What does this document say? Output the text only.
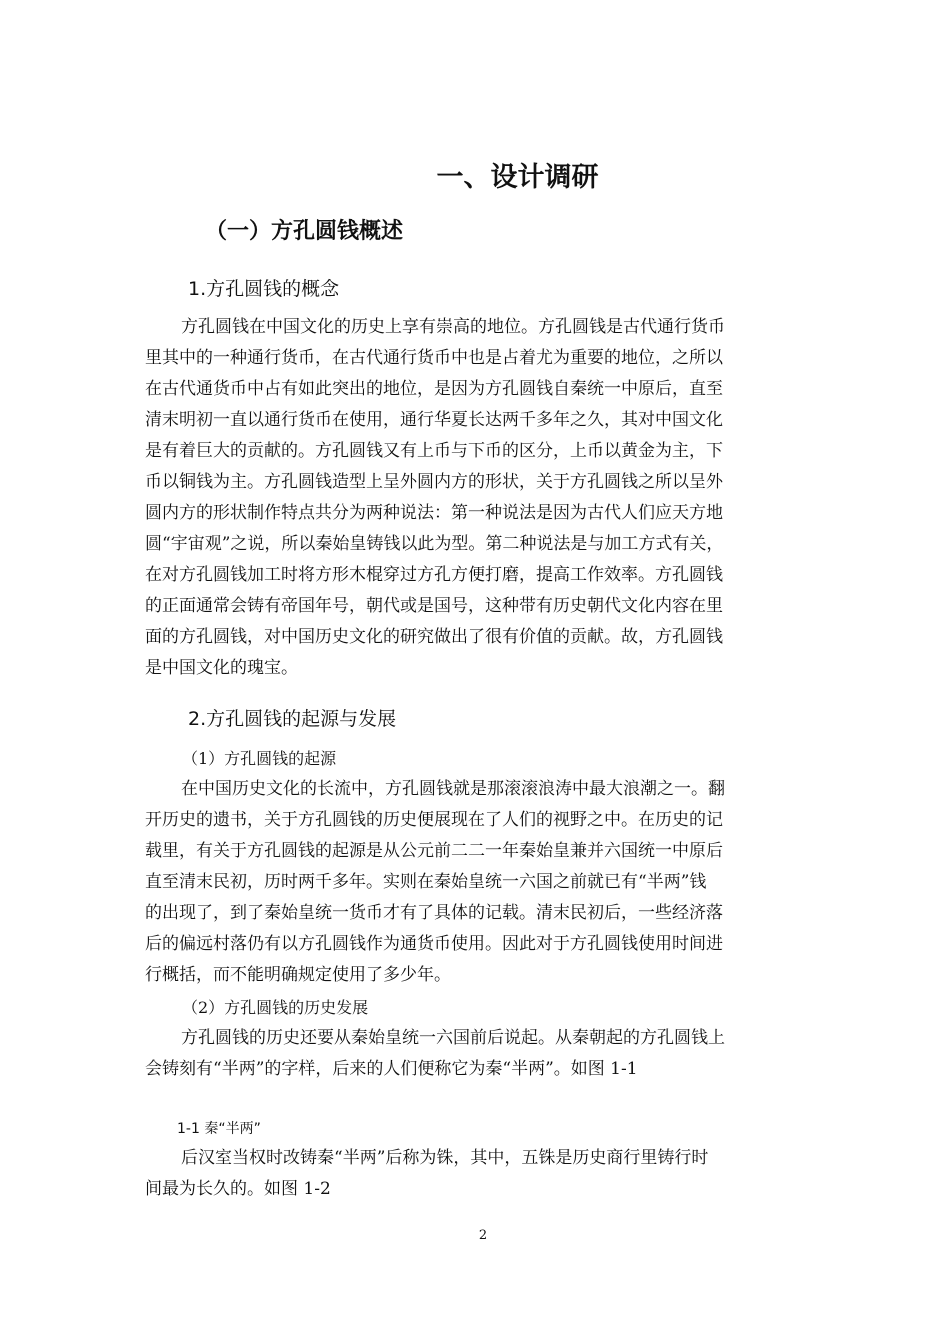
一、设计调研
（一）方孔圆钱概述
1.方孔圆钱的概念
方孔圆钱在中国文化的历史上享有崇高的地位。方孔圆钱是古代通行货币
里其中的一种通行货币，在古代通行货币中也是占着尤为重要的地位，之所以
在古代通货币中占有如此突出的地位，是因为方孔圆钱自秦统一中原后，直至
清末明初一直以通行货币在使用，通行华夏长达两千多年之久，其对中国文化
是有着巨大的贡献的。方孔圆钱又有上币与下币的区分，上币以黄金为主，下
币以铜钱为主。方孔圆钱造型上呈外圆内方的形状，关于方孔圆钱之所以呈外
圆内方的形状制作特点共分为两种说法：第一种说法是因为古代人们应天方地
圆“宇宙观”之说，所以秦始皇铸钱以此为型。第二种说法是与加工方式有关，
在对方孔圆钱加工时将方形木棍穿过方孔方便打磨，提高工作效率。方孔圆钱
的正面通常会铸有帝国年号，朝代或是国号，这种带有历史朝代文化内容在里
面的方孔圆钱，对中国历史文化的研究做出了很有价值的贡献。故，方孔圆钱
是中国文化的瑰宝。
2.方孔圆钱的起源与发展
（1）方孔圆钱的起源
在中国历史文化的长流中，方孔圆钱就是那滚滚浪涛中最大浪潮之一。翻
开历史的遗书，关于方孔圆钱的历史便展现在了人们的视野之中。在历史的记
载里，有关于方孔圆钱的起源是从公元前二二一年秦始皇兼并六国统一中原后
直至清末民初，历时两千多年。实则在秦始皇统一六国之前就已有“半两”钱
的出现了，到了秦始皇统一货币才有了具体的记载。清末民初后，一些经济落
后的偏远村落仍有以方孔圆钱作为通货币使用。因此对于方孔圆钱使用时间进
行概括，而不能明确规定使用了多少年。
（2）方孔圆钱的历史发展
方孔圆钱的历史还要从秦始皇统一六国前后说起。从秦朝起的方孔圆钱上
会铸刻有“半两”的字样，后来的人们便称它为秦“半两”。如图 1-1
1-1 秦“半两”
后汉室当权时改铸秦“半两”后称为铢，其中，五铢是历史商行里铸行时
间最为长久的。如图 1-2
2
